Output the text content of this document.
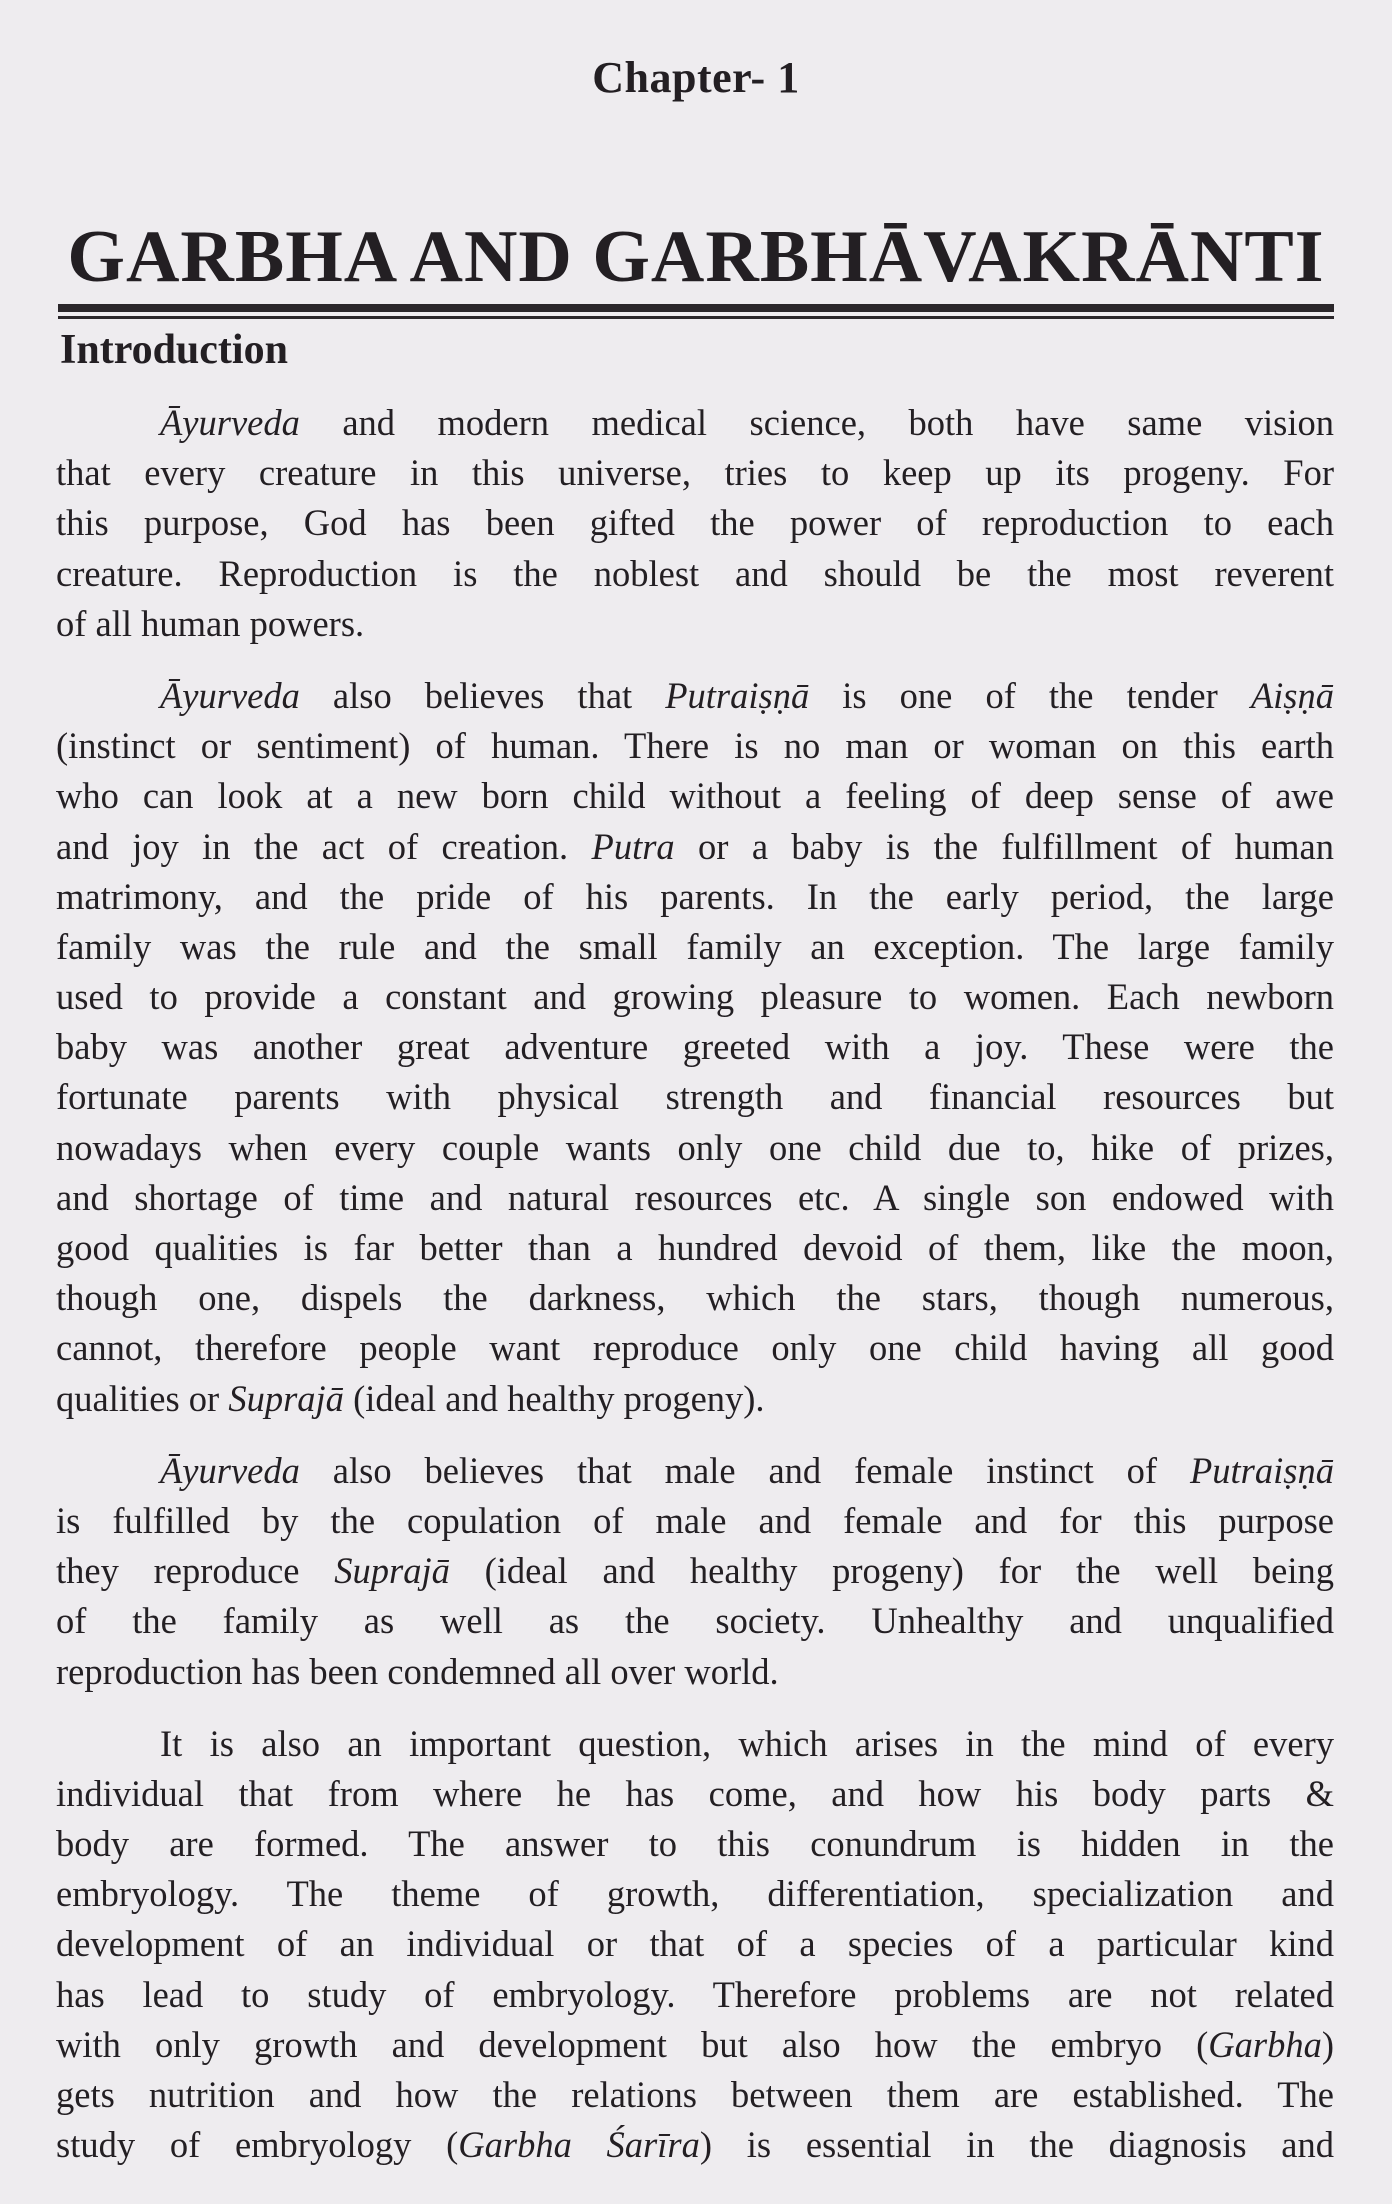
Chapter- 1
GARBHA AND GARBHĀVAKRĀNTI
Introduction
Āyurveda and modern medical science, both have same vision
that every creature in this universe, tries to keep up its progeny. For
this purpose, God has been gifted the power of reproduction to each
creature. Reproduction is the noblest and should be the most reverent
of all human powers.
Āyurveda also believes that Putraiṣṇā is one of the tender Aiṣṇā
(instinct or sentiment) of human. There is no man or woman on this earth
who can look at a new born child without a feeling of deep sense of awe
and joy in the act of creation. Putra or a baby is the fulfillment of human
matrimony, and the pride of his parents. In the early period, the large
family was the rule and the small family an exception. The large family
used to provide a constant and growing pleasure to women. Each newborn
baby was another great adventure greeted with a joy. These were the
fortunate parents with physical strength and financial resources but
nowadays when every couple wants only one child due to, hike of prizes,
and shortage of time and natural resources etc. A single son endowed with
good qualities is far better than a hundred devoid of them, like the moon,
though one, dispels the darkness, which the stars, though numerous,
cannot, therefore people want reproduce only one child having all good
qualities or Suprajā (ideal and healthy progeny).
Āyurveda also believes that male and female instinct of Putraiṣṇā
is fulfilled by the copulation of male and female and for this purpose
they reproduce Suprajā (ideal and healthy progeny) for the well being
of the family as well as the society. Unhealthy and unqualified
reproduction has been condemned all over world.
It is also an important question, which arises in the mind of every
individual that from where he has come, and how his body parts &
body are formed. The answer to this conundrum is hidden in the
embryology. The theme of growth, differentiation, specialization and
development of an individual or that of a species of a particular kind
has lead to study of embryology. Therefore problems are not related
with only growth and development but also how the embryo (Garbha)
gets nutrition and how the relations between them are established. The
study of embryology (Garbha Śarīra) is essential in the diagnosis and
